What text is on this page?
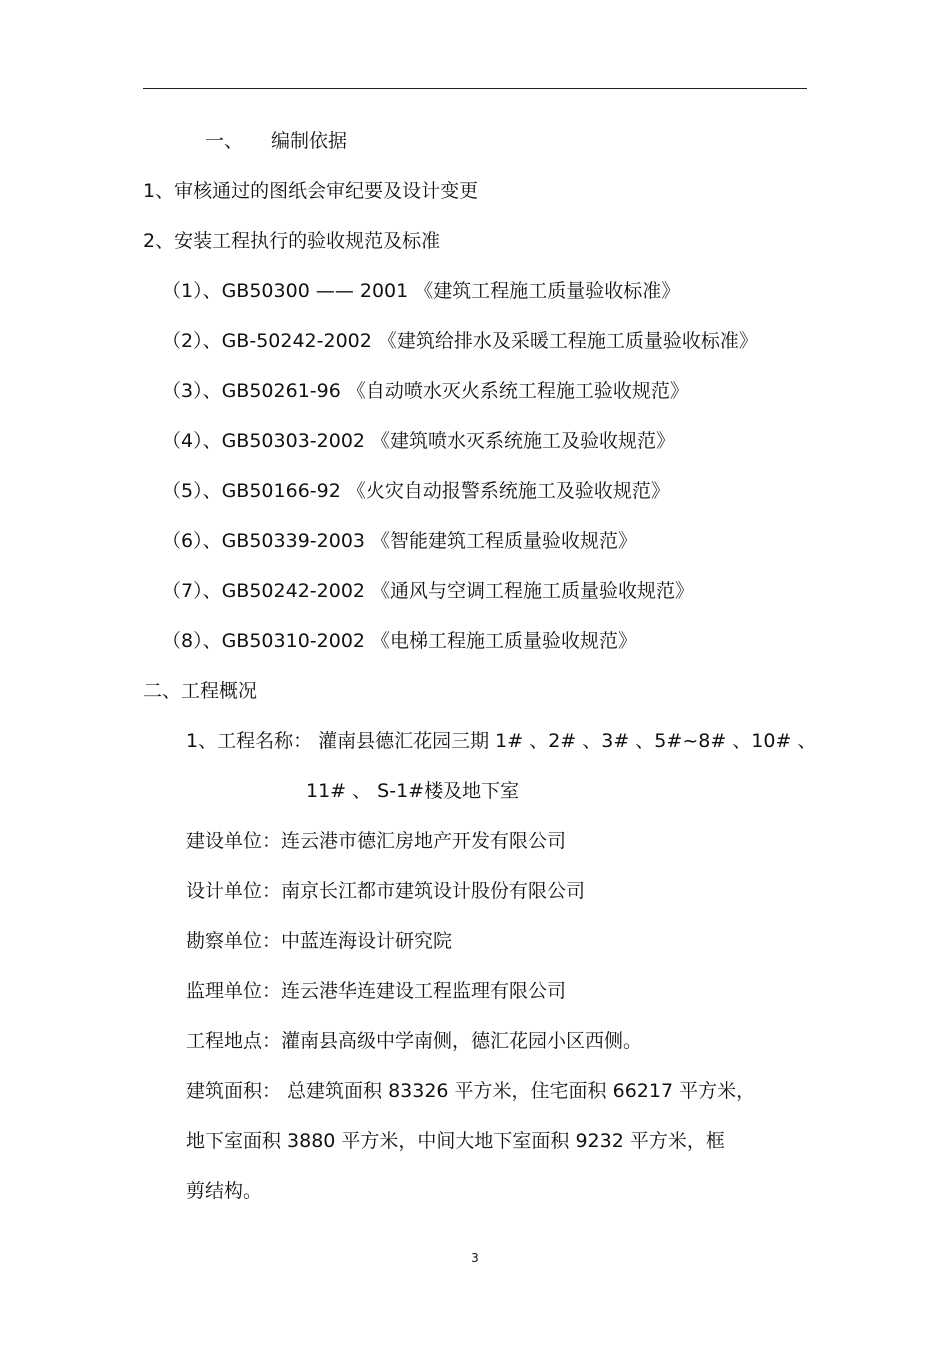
一、 编制依据
1、审核通过的图纸会审纪要及设计变更
2、安装工程执行的验收规范及标准
（1）、GB50300 —— 2001 《建筑工程施工质量验收标准》
（2）、GB-50242-2002 《建筑给排水及采暖工程施工质量验收标准》
（3）、GB50261-96 《自动喷水灭火系统工程施工验收规范》
（4）、GB50303-2002 《建筑喷水灭系统施工及验收规范》
（5）、GB50166-92 《火灾自动报警系统施工及验收规范》
（6）、GB50339-2003 《智能建筑工程质量验收规范》
（7）、GB50242-2002 《通风与空调工程施工质量验收规范》
（8）、GB50310-2002 《电梯工程施工质量验收规范》
二、工程概况
1、工程名称： 灌南县德汇花园三期 1# 、2# 、3# 、5#~8# 、10# 、
11# 、 S-1#楼及地下室
建设单位：连云港市德汇房地产开发有限公司
设计单位：南京长江都市建筑设计股份有限公司
勘察单位：中蓝连海设计研究院
监理单位：连云港华连建设工程监理有限公司
工程地点：灌南县高级中学南侧，德汇花园小区西侧。
建筑面积： 总建筑面积 83326 平方米，住宅面积 66217 平方米，
地下室面积 3880 平方米，中间大地下室面积 9232 平方米，框
剪结构。
3
